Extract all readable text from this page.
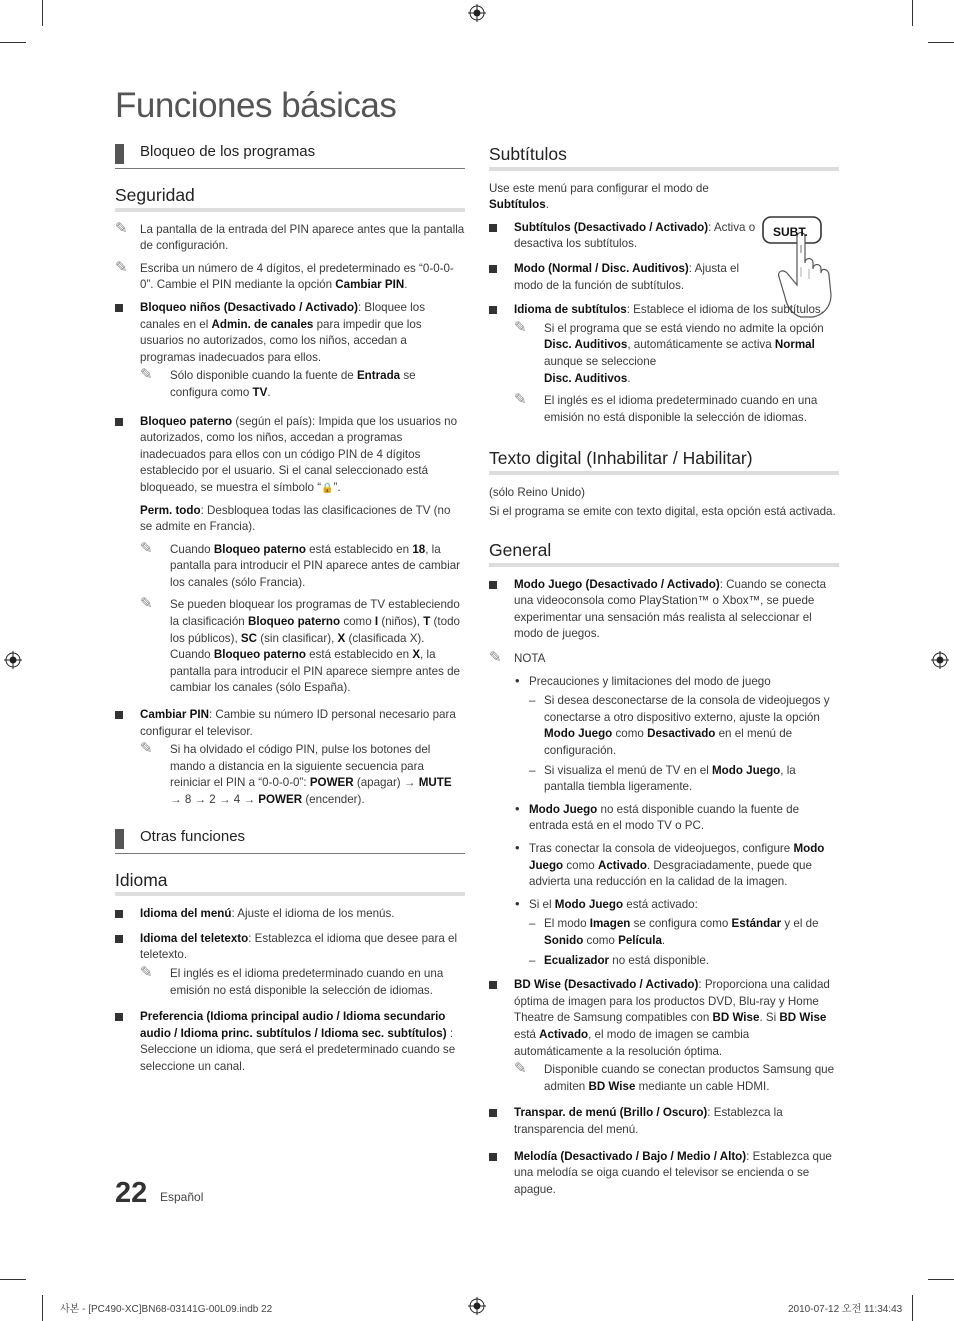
Funciones básicas
Bloqueo de los programas
Seguridad
✎ La pantalla de la entrada del PIN aparece antes que la pantalla de configuración.
✎ Escriba un número de 4 dígitos, el predeterminado es “0-0-0-0”. Cambie el PIN mediante la opción Cambiar PIN.
Bloqueo niños (Desactivado / Activado): Bloquee los canales en el Admin. de canales para impedir que los usuarios no autorizados, como los niños, accedan a programas inadecuados para ellos.
✎ Sólo disponible cuando la fuente de Entrada se configura como TV.
Bloqueo paterno (según el país): Impida que los usuarios no autorizados, como los niños, accedan a programas inadecuados para ellos con un código PIN de 4 dígitos establecido por el usuario. Si el canal seleccionado está bloqueado, se muestra el símbolo “🔒”.

Perm. todo: Desbloquea todas las clasificaciones de TV (no se admite en Francia).

✎ Cuando Bloqueo paterno está establecido en 18, la pantalla para introducir el PIN aparece antes de cambiar los canales (sólo Francia).
✎ Se pueden bloquear los programas de TV estableciendo la clasificación Bloqueo paterno como I (niños), T (todo los públicos), SC (sin clasificar), X (clasificada X). Cuando Bloqueo paterno está establecido en X, la pantalla para introducir el PIN aparece siempre antes de cambiar los canales (sólo España).
Cambiar PIN: Cambie su número ID personal necesario para configurar el televisor.
✎ Si ha olvidado el código PIN, pulse los botones del mando a distancia en la siguiente secuencia para reiniciar el PIN a “0-0-0-0”: POWER (apagar) → MUTE → 8 → 2 → 4 → POWER (encender).
Otras funciones
Idioma
Idioma del menú: Ajuste el idioma de los menús.
Idioma del teletexto: Establezca el idioma que desee para el teletexto.
✎ El inglés es el idioma predeterminado cuando en una emisión no está disponible la selección de idiomas.
Preferencia (Idioma principal audio / Idioma secundario audio / Idioma princ. subtítulos / Idioma sec. subtítulos) : Seleccione un idioma, que será el predeterminado cuando se seleccione un canal.
Subtítulos
Use este menú para configurar el modo de Subtítulos.
Subtítulos (Desactivado / Activado): Activa o desactiva los subtítulos.
Modo (Normal / Disc. Auditivos): Ajusta el modo de la función de subtítulos.
SUBT.
Idioma de subtítulos: Establece el idioma de los subtítulos.
✎ Si el programa que se está viendo no admite la opción Disc. Auditivos, automáticamente se activa Normal aunque se seleccione
Disc. Auditivos.
✎ El inglés es el idioma predeterminado cuando en una emisión no está disponible la selección de idiomas.
Texto digital (Inhabilitar / Habilitar)
(sólo Reino Unido)
Si el programa se emite con texto digital, esta opción está activada.
General
Modo Juego (Desactivado / Activado): Cuando se conecta una videoconsola como PlayStation™ o Xbox™, se puede experimentar una sensación más realista al seleccionar el modo de juegos.
✎ NOTA
• Precauciones y limitaciones del modo de juego
– Si desea desconectarse de la consola de videojuegos y conectarse a otro dispositivo externo, ajuste la opción Modo Juego como Desactivado en el menú de configuración.
– Si visualiza el menú de TV en el Modo Juego, la pantalla tiembla ligeramente.
• Modo Juego no está disponible cuando la fuente de entrada está en el modo TV o PC.
• Tras conectar la consola de videojuegos, configure Modo Juego como Activado. Desgraciadamente, puede que advierta una reducción en la calidad de la imagen.
• Si el Modo Juego está activado:
– El modo Imagen se configura como Estándar y el de Sonido como Película.
– Ecualizador no está disponible.
BD Wise (Desactivado / Activado): Proporciona una calidad óptima de imagen para los productos DVD, Blu-ray y Home Theatre de Samsung compatibles con BD Wise. Si BD Wise está Activado, el modo de imagen se cambia automáticamente a la resolución óptima.
✎ Disponible cuando se conectan productos Samsung que admiten BD Wise mediante un cable HDMI.
Transpar. de menú (Brillo / Oscuro): Establezca la transparencia del menú.
Melodía (Desactivado / Bajo / Medio / Alto): Establezca que una melodía se oiga cuando el televisor se encienda o se apague.
22 Español
사본 - [PC490-XC]BN68-03141G-00L09.indb 22	2010-07-12 오전 11:34:43
